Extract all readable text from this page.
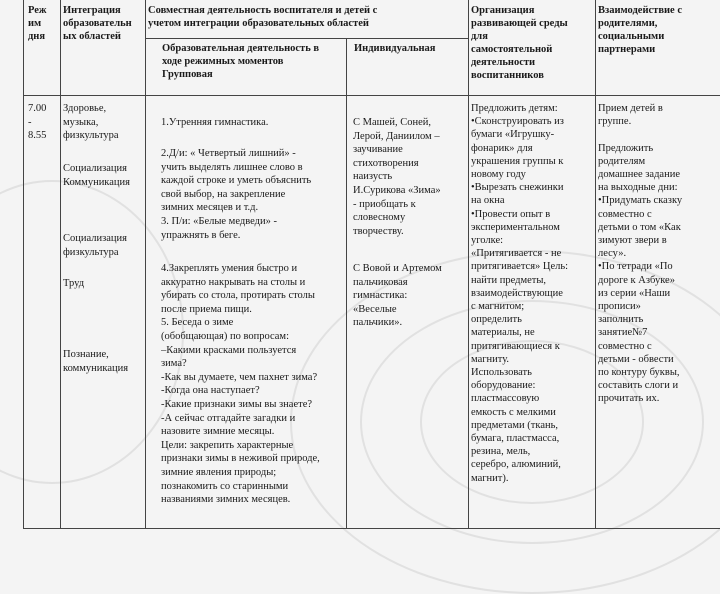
Реж
им
дня
Интеграция
образовательн
ых областей
Совместная деятельность воспитателя и детей с
учетом интеграции образовательных областей
Образовательная деятельность в
ходе режимных моментов
Групповая
Индивидуальная
Организация
развивающей среды
для
самостоятельной
деятельности
воспитанников
Взаимодействие с
родителями,
социальными
партнерами
7.00
-
8.55
Здоровье,
музыка,
физкультура
Социализация
Коммуникация
Социализация
физкультура
Труд
Познание,
коммуникация
1.Утренняя гимнастика.
2.Д/и: « Четвертый лишний» -
учить выделять лишнее слово в
каждой строке и уметь объяснить
свой выбор, на закрепление
зимних месяцев и т.д.
3. П/и: «Белые медведи» -
упражнять в беге.
4.Закреплять умения быстро и
аккуратно накрывать на столы и
убирать со стола, протирать столы
после приема пищи.
5. Беседа о зиме
(обобщающая) по вопросам:
–Какими красками пользуется
зима?
-Как вы думаете, чем пахнет зима?
-Когда она наступает?
-Какие признаки зимы вы знаете?
-А сейчас отгадайте загадки и
назовите зимние месяцы.
Цели: закрепить характерные
признаки зимы в неживой природе,
зимние явления природы;
познакомить со старинными
названиями зимних месяцев.
С Машей, Соней,
Лерой, Даниилом –
заучивание
стихотворения
наизусть
И.Сурикова «Зима»
- приобщать к
словесному
творчеству.
С Вовой и Артемом
пальчиковая
гимнастика:
«Веселые
пальчики».
Предложить детям:
•Сконструировать из
бумаги «Игрушку-
фонарик» для
украшения группы к
новому году
•Вырезать снежинки
на окна
•Провести опыт в
экспериментальном
уголке:
«Притягивается - не
притягивается» Цель:
найти предметы,
взаимодействующие
с магнитом;
определить
материалы, не
притягивающиеся к
магниту.
Использовать
оборудование:
пластмассовую
емкость с мелкими
предметами (ткань,
бумага, пластмасса,
резина, мель,
серебро, алюминий,
магнит).
Прием детей в
группе.

Предложить
родителям
домашнее задание
на выходные дни:
•Придумать сказку
совместно с
детьми о том «Как
зимуют звери в
лесу».
•По тетради «По
дороге к Азбуке»
из серии «Наши
прописи»
заполнить
занятие№7
совместно с
детьми - обвести
по контуру буквы,
составить слоги и
прочитать их.
